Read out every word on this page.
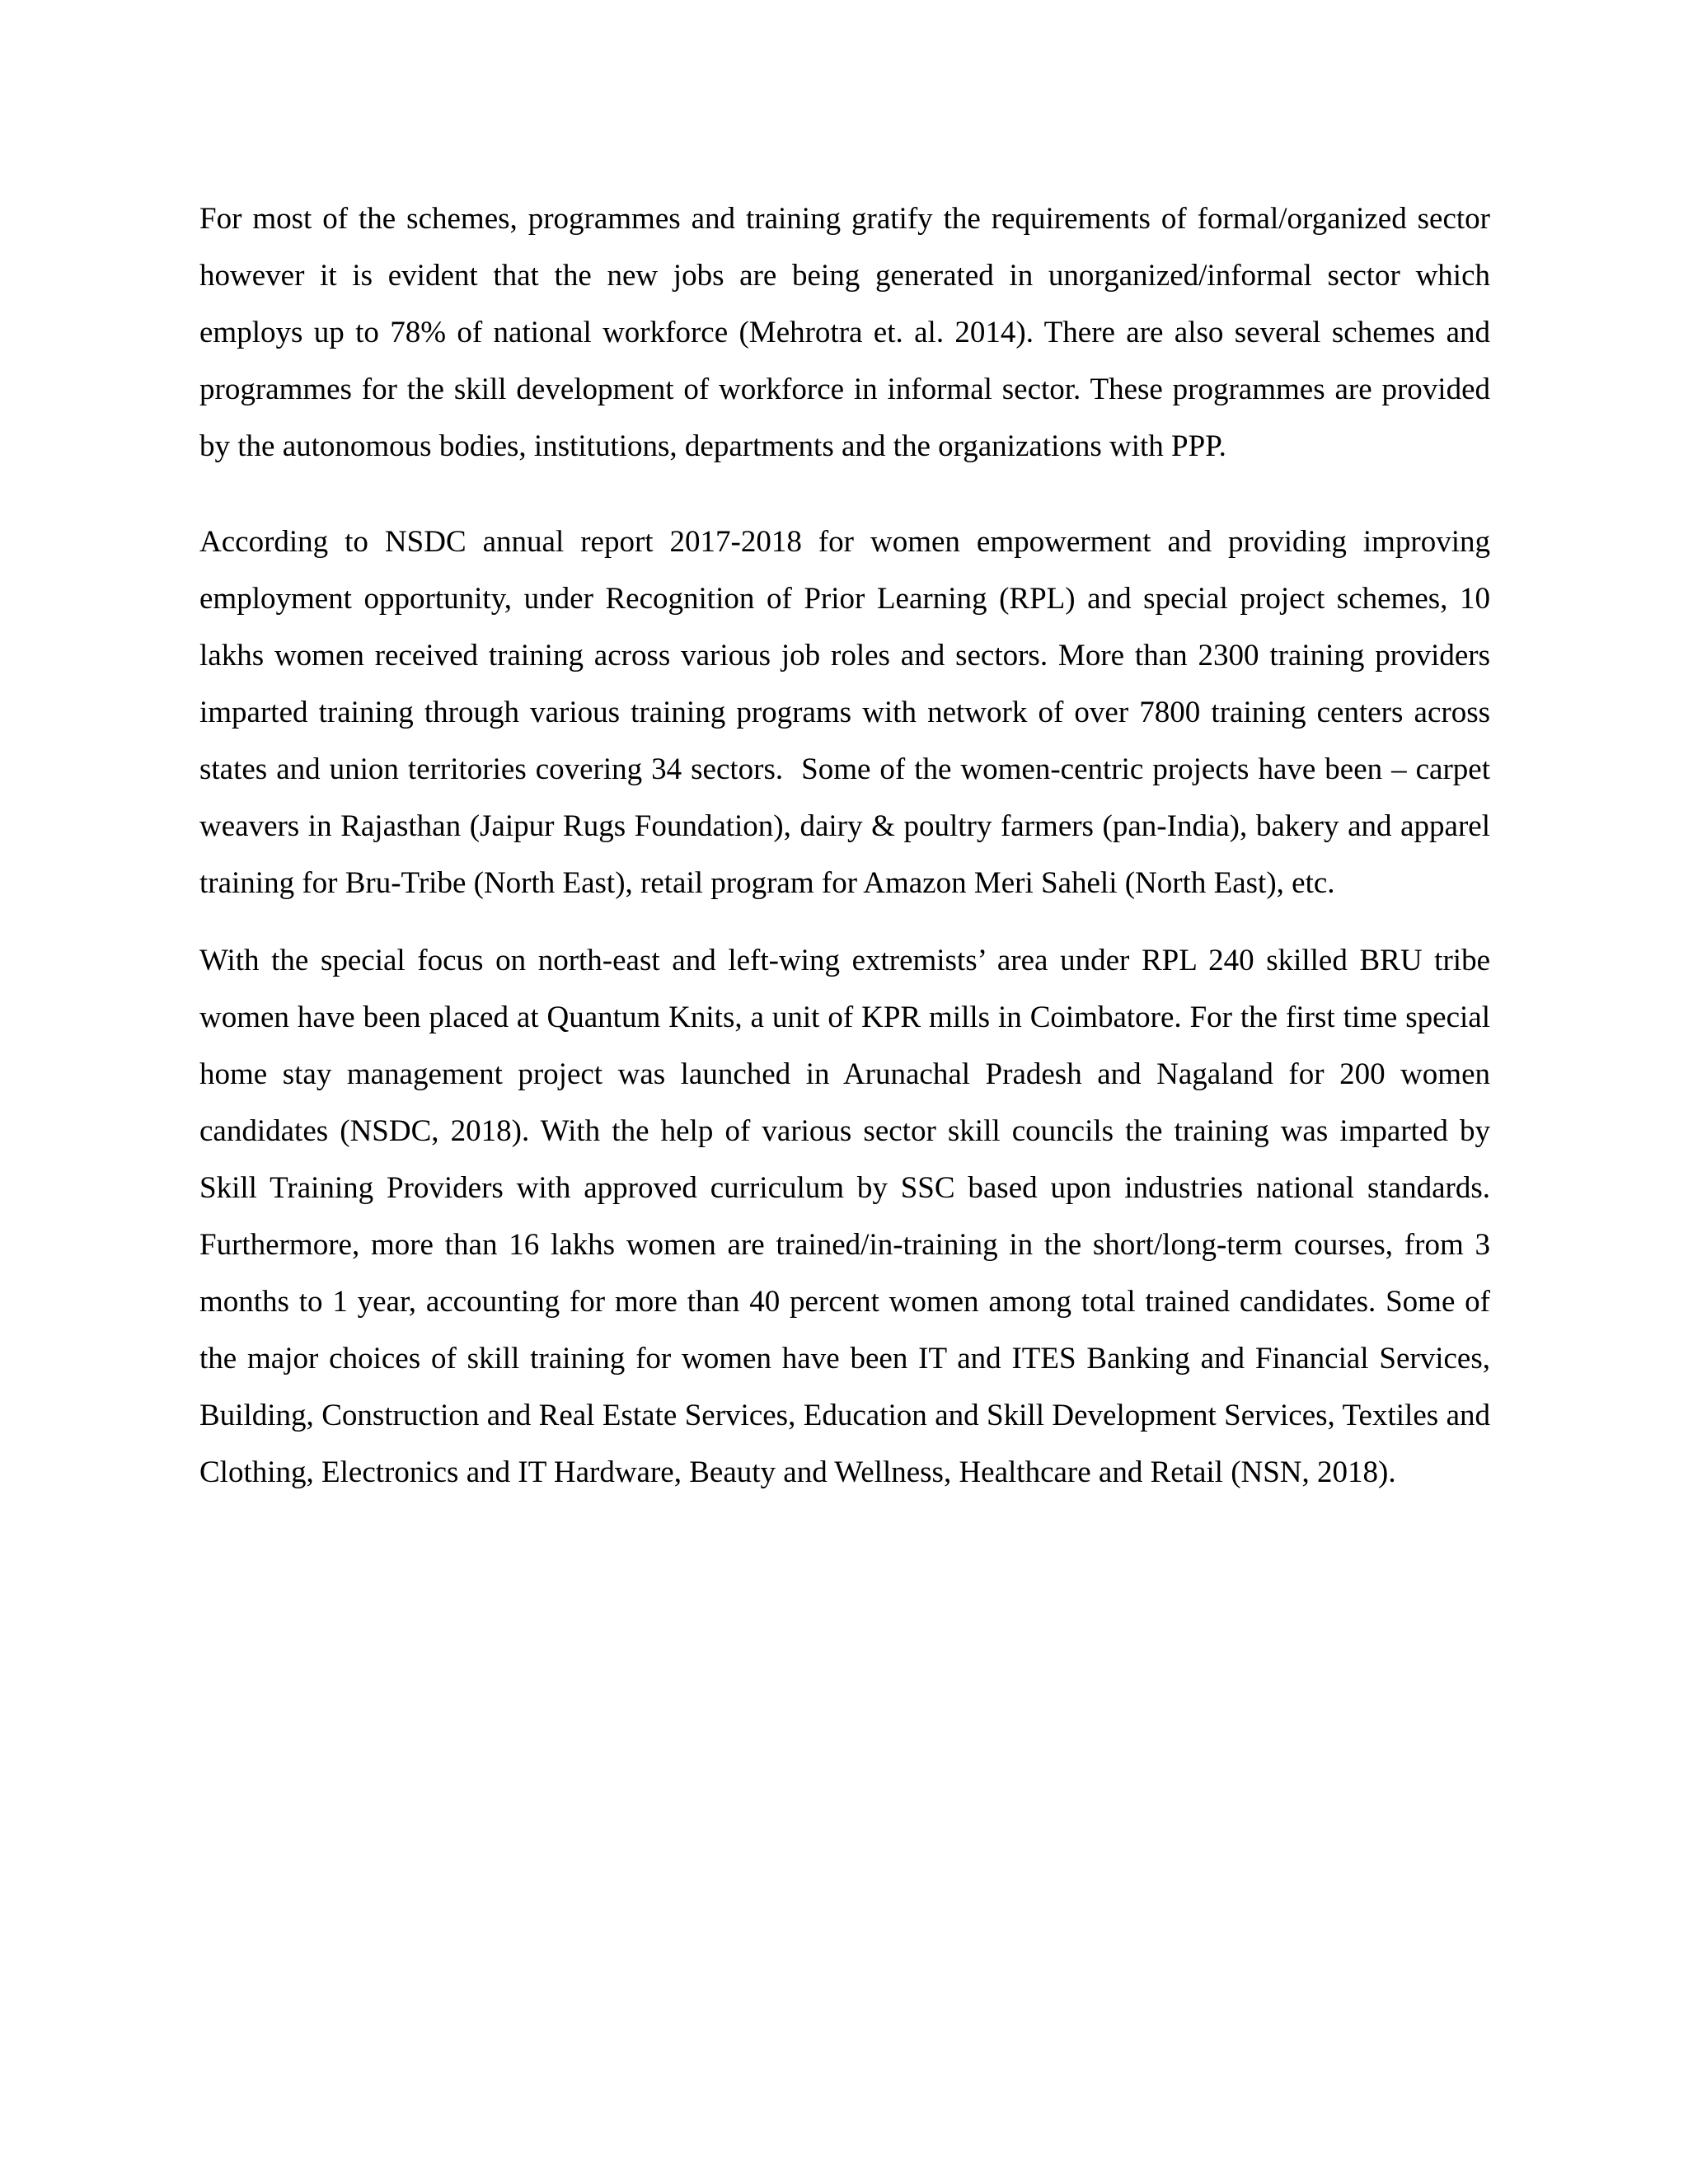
For most of the schemes, programmes and training gratify the requirements of formal/organized sector however it is evident that the new jobs are being generated in unorganized/informal sector which employs up to 78% of national workforce (Mehrotra et. al. 2014). There are also several schemes and programmes for the skill development of workforce in informal sector. These programmes are provided by the autonomous bodies, institutions, departments and the organizations with PPP.

According to NSDC annual report 2017-2018 for women empowerment and providing improving employment opportunity, under Recognition of Prior Learning (RPL) and special project schemes, 10 lakhs women received training across various job roles and sectors. More than 2300 training providers imparted training through various training programs with network of over 7800 training centers across states and union territories covering 34 sectors.  Some of the women-centric projects have been – carpet weavers in Rajasthan (Jaipur Rugs Foundation), dairy & poultry farmers (pan-India), bakery and apparel training for Bru-Tribe (North East), retail program for Amazon Meri Saheli (North East), etc.

With the special focus on north-east and left-wing extremists’ area under RPL 240 skilled BRU tribe women have been placed at Quantum Knits, a unit of KPR mills in Coimbatore. For the first time special home stay management project was launched in Arunachal Pradesh and Nagaland for 200 women candidates (NSDC, 2018). With the help of various sector skill councils the training was imparted by Skill Training Providers with approved curriculum by SSC based upon industries national standards. Furthermore, more than 16 lakhs women are trained/in-training in the short/long-term courses, from 3 months to 1 year, accounting for more than 40 percent women among total trained candidates. Some of the major choices of skill training for women have been IT and ITES Banking and Financial Services, Building, Construction and Real Estate Services, Education and Skill Development Services, Textiles and Clothing, Electronics and IT Hardware, Beauty and Wellness, Healthcare and Retail (NSN, 2018).
